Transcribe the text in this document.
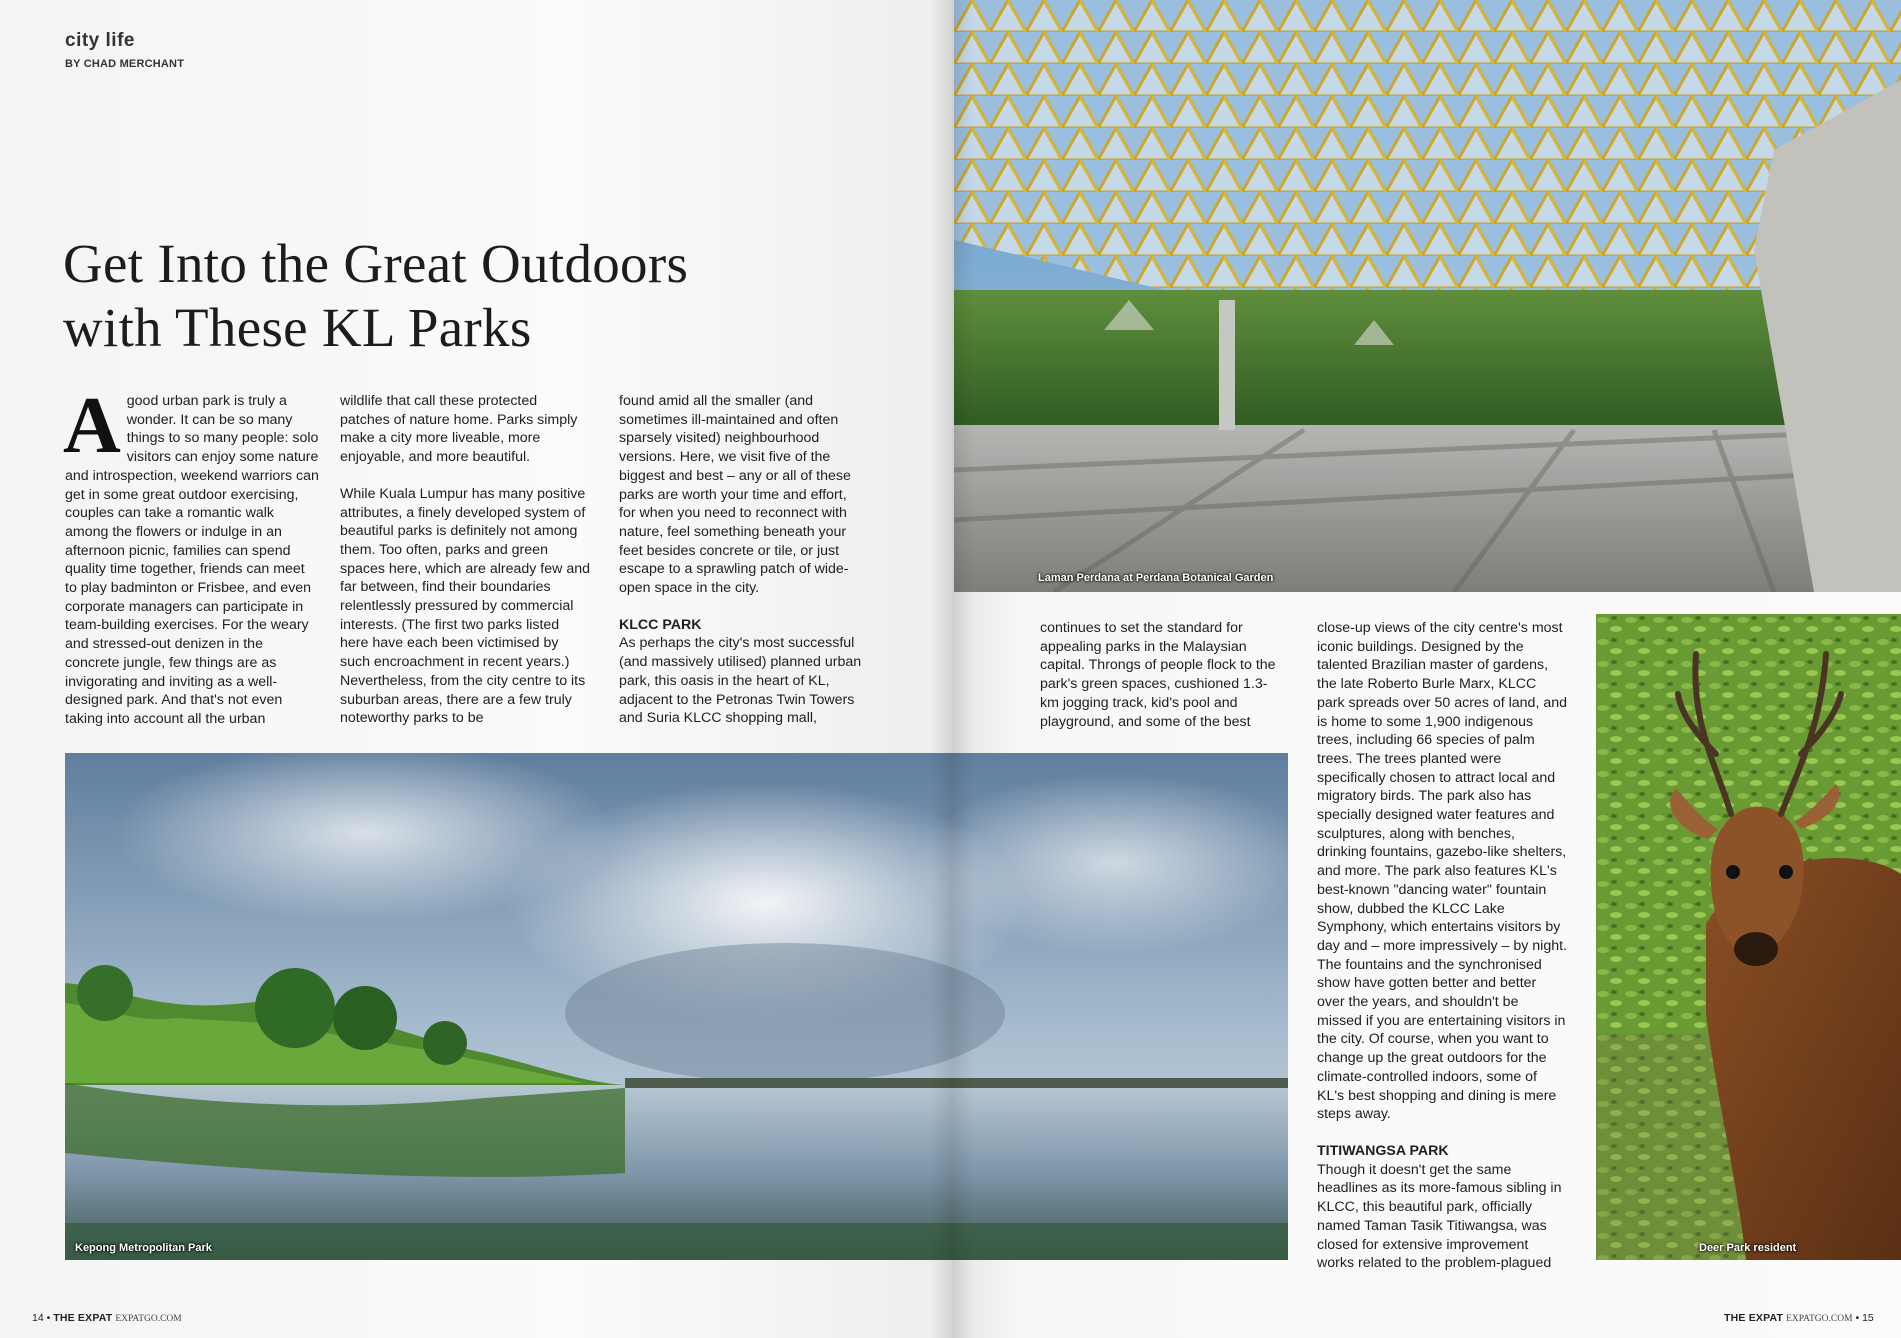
city life
BY CHAD MERCHANT
Get Into the Great Outdoors
with These KL Parks

Agood urban park is truly a wonder. It can be so many things to so many people: solo visitors can enjoy some nature and introspection, weekend warriors can get in some great outdoor exercising, couples can take a romantic walk among the flowers or indulge in an afternoon picnic, families can spend quality time together, friends can meet to play badminton or Frisbee, and even corporate managers can participate in team-building exercises. For the weary and stressed-out denizen in the concrete jungle, few things are as invigorating and inviting as a well-designed park. And that's not even taking into account all the urban

wildlife that call these protected patches of nature home. Parks simply make a city more liveable, more enjoyable, and more beautiful.

While Kuala Lumpur has many positive attributes, a finely developed system of beautiful parks is definitely not among them. Too often, parks and green spaces here, which are already few and far between, find their boundaries relentlessly pressured by commercial interests. (The first two parks listed here have each been victimised by such encroachment in recent years.) Nevertheless, from the city centre to its suburban areas, there are a few truly noteworthy parks to be

found amid all the smaller (and sometimes ill-maintained and often sparsely visited) neighbourhood versions. Here, we visit five of the biggest and best – any or all of these parks are worth your time and effort, for when you need to reconnect with nature, feel something beneath your feet besides concrete or tile, or just escape to a sprawling patch of wide-open space in the city.

KLCC PARK

As perhaps the city's most successful (and massively utilised) planned urban park, this oasis in the heart of KL, adjacent to the Petronas Twin Towers and Suria KLCC shopping mall,

continues to set the standard for appealing parks in the Malaysian capital. Throngs of people flock to the park's green spaces, cushioned 1.3-km jogging track, kid's pool and playground, and some of the best

close-up views of the city centre's most iconic buildings. Designed by the talented Brazilian master of gardens, the late Roberto Burle Marx, KLCC park spreads over 50 acres of land, and is home to some 1,900 indigenous trees, including 66 species of palm trees. The trees planted were specifically chosen to attract local and migratory birds. The park also has specially designed water features and sculptures, along with benches, drinking fountains, gazebo-like shelters, and more. The park also features KL's best-known "dancing water" fountain show, dubbed the KLCC Lake Symphony, which entertains visitors by day and – more impressively – by night. The fountains and the synchronised show have gotten better and better over the years, and shouldn't be missed if you are entertaining visitors in the city. Of course, when you want to change up the great outdoors for the climate-controlled indoors, some of KL's best shopping and dining is mere steps away.

TITIWANGSA PARK

Though it doesn't get the same headlines as its more-famous sibling in KLCC, this beautiful park, officially named Taman Tasik Titiwangsa, was closed for extensive improvement works related to the problem-plagued

Laman Perdana at Perdana Botanical Garden
Kepong Metropolitan Park	Deer Park resident
14 • THE EXPAT EXPATGO.COM	THE EXPAT EXPATGO.COM • 15
